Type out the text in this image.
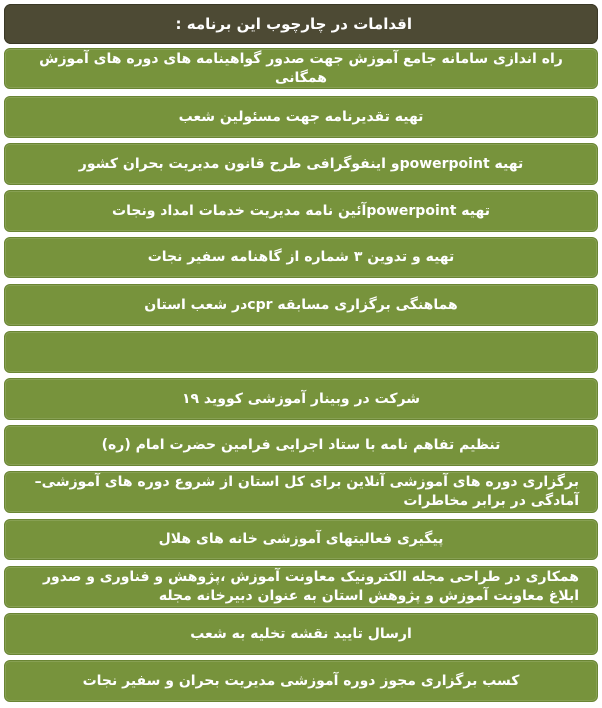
اقدامات در چارچوب این برنامه :
راه اندازی سامانه جامع آموزش جهت صدور گواهینامه های دوره های آموزش همگانی
تهیه تقدیرنامه جهت مسئولین شعب
تهیه powerpointو اینفوگرافی طرح قانون مدیریت بحران کشور
تهیه powerpointآئین نامه مدیریت خدمات امداد ونجات
تهیه و تدوین ۳ شماره از گاهنامه سفیر نجات
هماهنگی برگزاری مسابقه cprدر شعب استان
شرکت در وبینار آموزشی کووید ۱۹
تنظیم تفاهم نامه با ستاد اجرایی فرامین حضرت امام (ره)
برگزاری دوره های آموزشی آنلاین برای کل استان از شروع دوره های آموزشی–آمادگی در برابر مخاطرات
پیگیری فعالیتهای آموزشی خانه های هلال
همکاری در طراحی مجله الکترونیک معاونت آموزش ،پژوهش و فناوری و صدور ابلاغ معاونت آموزش و پژوهش استان به عنوان دبیرخانه مجله
ارسال تایید نقشه تخلیه به شعب
کسب برگزاری مجوز دوره آموزشی مدیریت بحران و سفیر نجات
